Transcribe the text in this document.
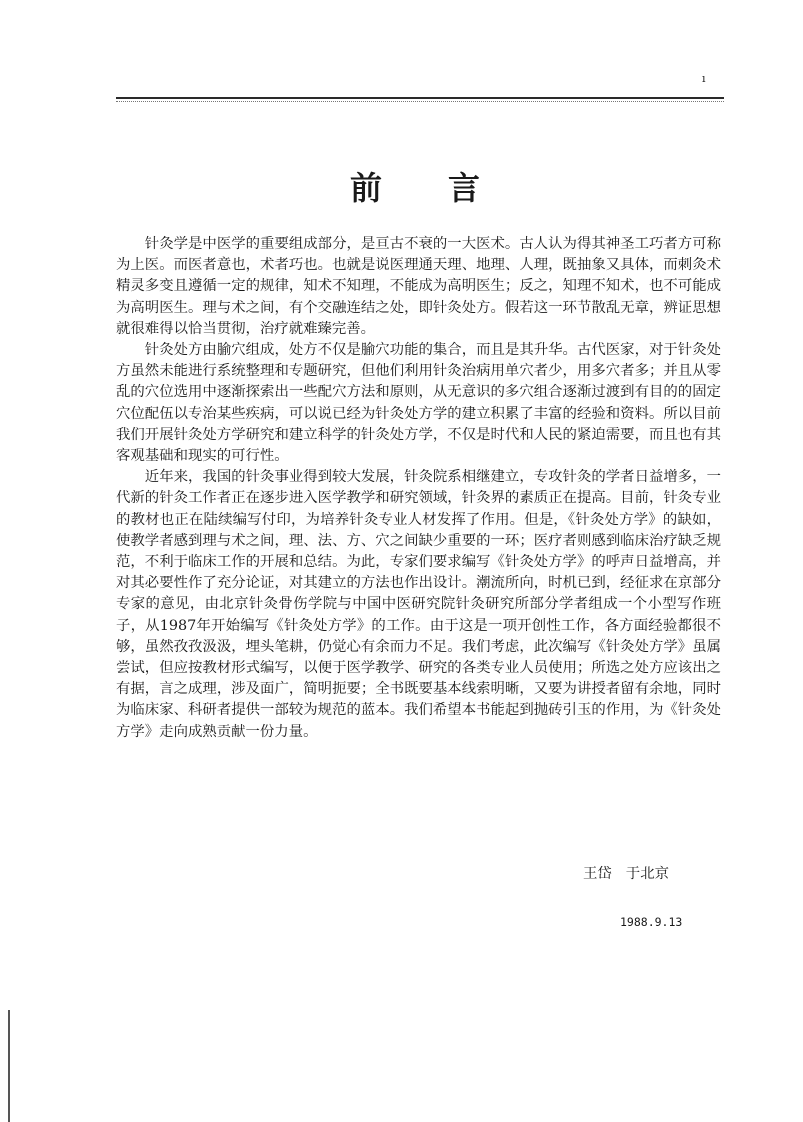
ı
前言

针灸学是中医学的重要组成部分，是亘古不衰的一大医术。古人认为得其神圣工巧者方可称为上医。而医者意也，术者巧也。也就是说医理通天理、地理、人理，既抽象又具体，而刺灸术精灵多变且遵循一定的规律，知术不知理，不能成为高明医生；反之，知理不知术，也不可能成为高明医生。理与术之间，有个交融连结之处，即针灸处方。假若这一环节散乱无章，辨证思想就很难得以恰当贯彻，治疗就难臻完善。

针灸处方由腧穴组成，处方不仅是腧穴功能的集合，而且是其升华。古代医家，对于针灸处方虽然未能进行系统整理和专题研究，但他们利用针灸治病用单穴者少，用多穴者多；并且从零乱的穴位选用中逐渐探索出一些配穴方法和原则，从无意识的多穴组合逐渐过渡到有目的的固定穴位配伍以专治某些疾病，可以说已经为针灸处方学的建立积累了丰富的经验和资料。所以目前我们开展针灸处方学研究和建立科学的针灸处方学，不仅是时代和人民的紧迫需要，而且也有其客观基础和现实的可行性。

近年来，我国的针灸事业得到较大发展，针灸院系相继建立，专攻针灸的学者日益增多，一代新的针灸工作者正在逐步进入医学教学和研究领域，针灸界的素质正在提高。目前，针灸专业的教材也正在陆续编写付印，为培养针灸专业人材发挥了作用。但是，《针灸处方学》的缺如，使教学者感到理与术之间，理、法、方、穴之间缺少重要的一环；医疗者则感到临床治疗缺乏规范，不利于临床工作的开展和总结。为此，专家们要求编写《针灸处方学》的呼声日益增高，并对其必要性作了充分论证，对其建立的方法也作出设计。潮流所向，时机已到，经征求在京部分专家的意见，由北京针灸骨伤学院与中国中医研究院针灸研究所部分学者组成一个小型写作班子，从1987年开始编写《针灸处方学》的工作。由于这是一项开创性工作，各方面经验都很不够，虽然孜孜汲汲，埋头笔耕，仍觉心有余而力不足。我们考虑，此次编写《针灸处方学》虽属尝试，但应按教材形式编写，以便于医学教学、研究的各类专业人员使用；所选之处方应该出之有据，言之成理，涉及面广，简明扼要；全书既要基本线索明晰，又要为讲授者留有余地，同时为临床家、科研者提供一部较为规范的蓝本。我们希望本书能起到抛砖引玉的作用，为《针灸处方学》走向成熟贡献一份力量。

王岱 于北京
1988.9.13
